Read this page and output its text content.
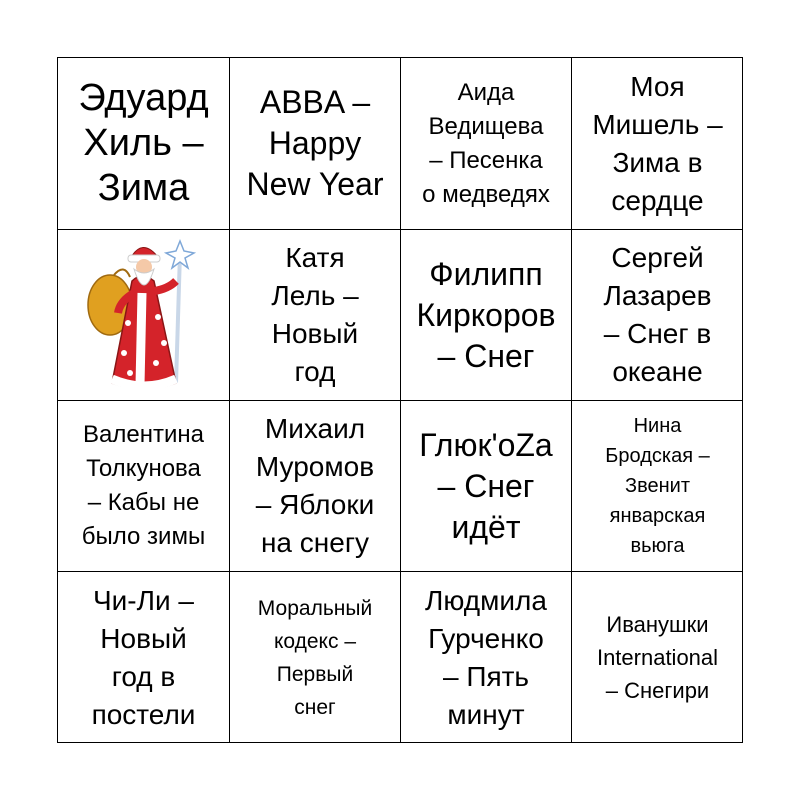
Эдуард
Хиль –
Зима
ABBA –
Happy
New Year
Аида
Ведищева
– Песенка
о медведях
Моя
Мишель –
Зима в
сердце
Катя
Лель –
Новый
год
Филипп
Киркоров
– Снег
Сергей
Лазарев
– Снег в
океане
Валентина
Толкунова
– Кабы не
было зимы
Михаил
Муромов
– Яблоки
на снегу
Глюк'oZa
– Снег
идёт
Нина
Бродская –
Звенит
январская
вьюга
Чи-Ли –
Новый
год в
постели
Моральный
кодекс –
Первый
снег
Людмила
Гурченко
– Пять
минут
Иванушки
International
– Снегири
